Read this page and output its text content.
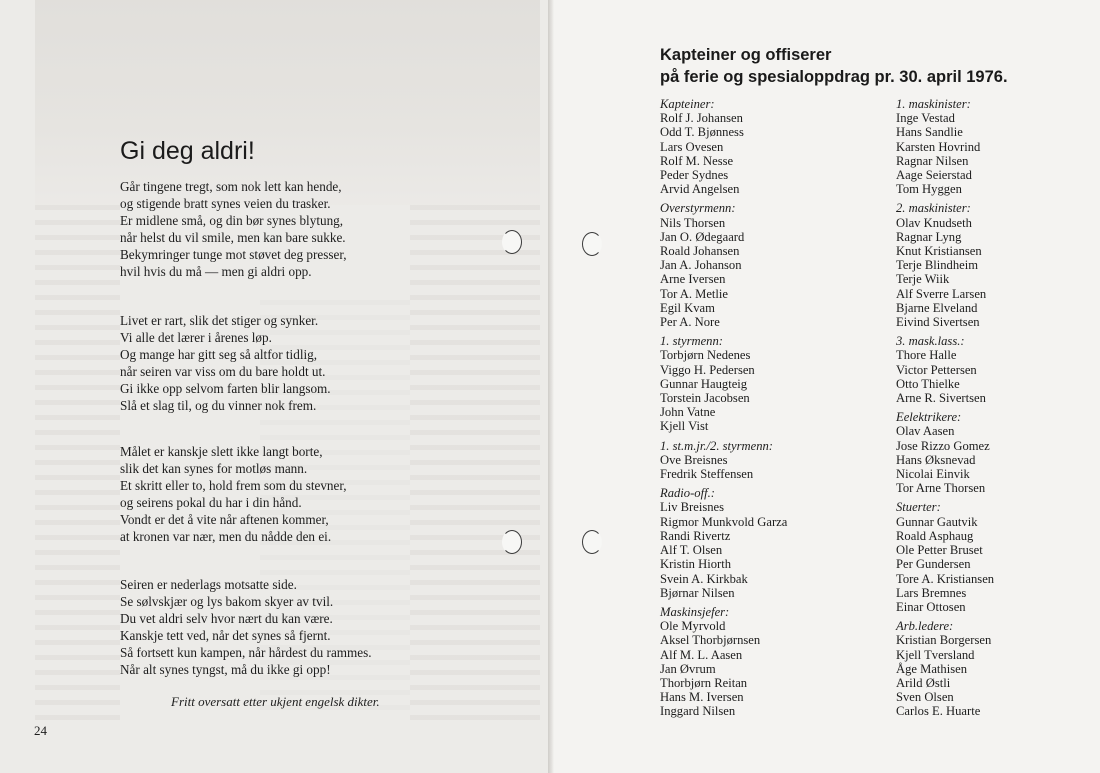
Gi deg aldri!
Går tingene tregt, som nok lett kan hende,
og stigende bratt synes veien du trasker.
Er midlene små, og din bør synes blytung,
når helst du vil smile, men kan bare sukke.
Bekymringer tunge mot støvet deg presser,
hvil hvis du må — men gi aldri opp.
Livet er rart, slik det stiger og synker.
Vi alle det lærer i årenes løp.
Og mange har gitt seg så altfor tidlig,
når seiren var viss om du bare holdt ut.
Gi ikke opp selvom farten blir langsom.
Slå et slag til, og du vinner nok frem.
Målet er kanskje slett ikke langt borte,
slik det kan synes for motløs mann.
Et skritt eller to, hold frem som du stevner,
og seirens pokal du har i din hånd.
Vondt er det å vite når aftenen kommer,
at kronen var nær, men du nådde den ei.
Seiren er nederlags motsatte side.
Se sølvskjær og lys bakom skyer av tvil.
Du vet aldri selv hvor nært du kan være.
Kanskje tett ved, når det synes så fjernt.
Så fortsett kun kampen, når hårdest du rammes.
Når alt synes tyngst, må du ikke gi opp!
Fritt oversatt etter ukjent engelsk dikter.
24
Kapteiner og offiserer
på ferie og spesialoppdrag pr. 30. april 1976.
Kapteiner:
Rolf J. Johansen
Odd T. Bjønness
Lars Ovesen
Rolf M. Nesse
Peder Sydnes
Arvid Angelsen
Overstyrmenn:
Nils Thorsen
Jan O. Ødegaard
Roald Johansen
Jan A. Johanson
Arne Iversen
Tor A. Metlie
Egil Kvam
Per A. Nore
1. styrmenn:
Torbjørn Nedenes
Viggo H. Pedersen
Gunnar Haugteig
Torstein Jacobsen
John Vatne
Kjell Vist
1. st.m.jr./2. styrmenn:
Ove Breisnes
Fredrik Steffensen
Radio-off.:
Liv Breisnes
Rigmor Munkvold Garza
Randi Rivertz
Alf T. Olsen
Kristin Hiorth
Svein A. Kirkbak
Bjørnar Nilsen
Maskinsjefer:
Ole Myrvold
Aksel Thorbjørnsen
Alf M. L. Aasen
Jan Øvrum
Thorbjørn Reitan
Hans M. Iversen
Inggard Nilsen
1. maskinister:
Inge Vestad
Hans Sandlie
Karsten Hovrind
Ragnar Nilsen
Aage Seierstad
Tom Hyggen
2. maskinister:
Olav Knudseth
Ragnar Lyng
Knut Kristiansen
Terje Blindheim
Terje Wiik
Alf Sverre Larsen
Bjarne Elveland
Eivind Sivertsen
3. mask.lass.:
Thore Halle
Victor Pettersen
Otto Thielke
Arne R. Sivertsen
Eelektrikere:
Olav Aasen
Jose Rizzo Gomez
Hans Øksnevad
Nicolai Einvik
Tor Arne Thorsen
Stuerter:
Gunnar Gautvik
Roald Asphaug
Ole Petter Bruset
Per Gundersen
Tore A. Kristiansen
Lars Bremnes
Einar Ottosen
Arb.ledere:
Kristian Borgersen
Kjell Tversland
Åge Mathisen
Arild Østli
Sven Olsen
Carlos E. Huarte
